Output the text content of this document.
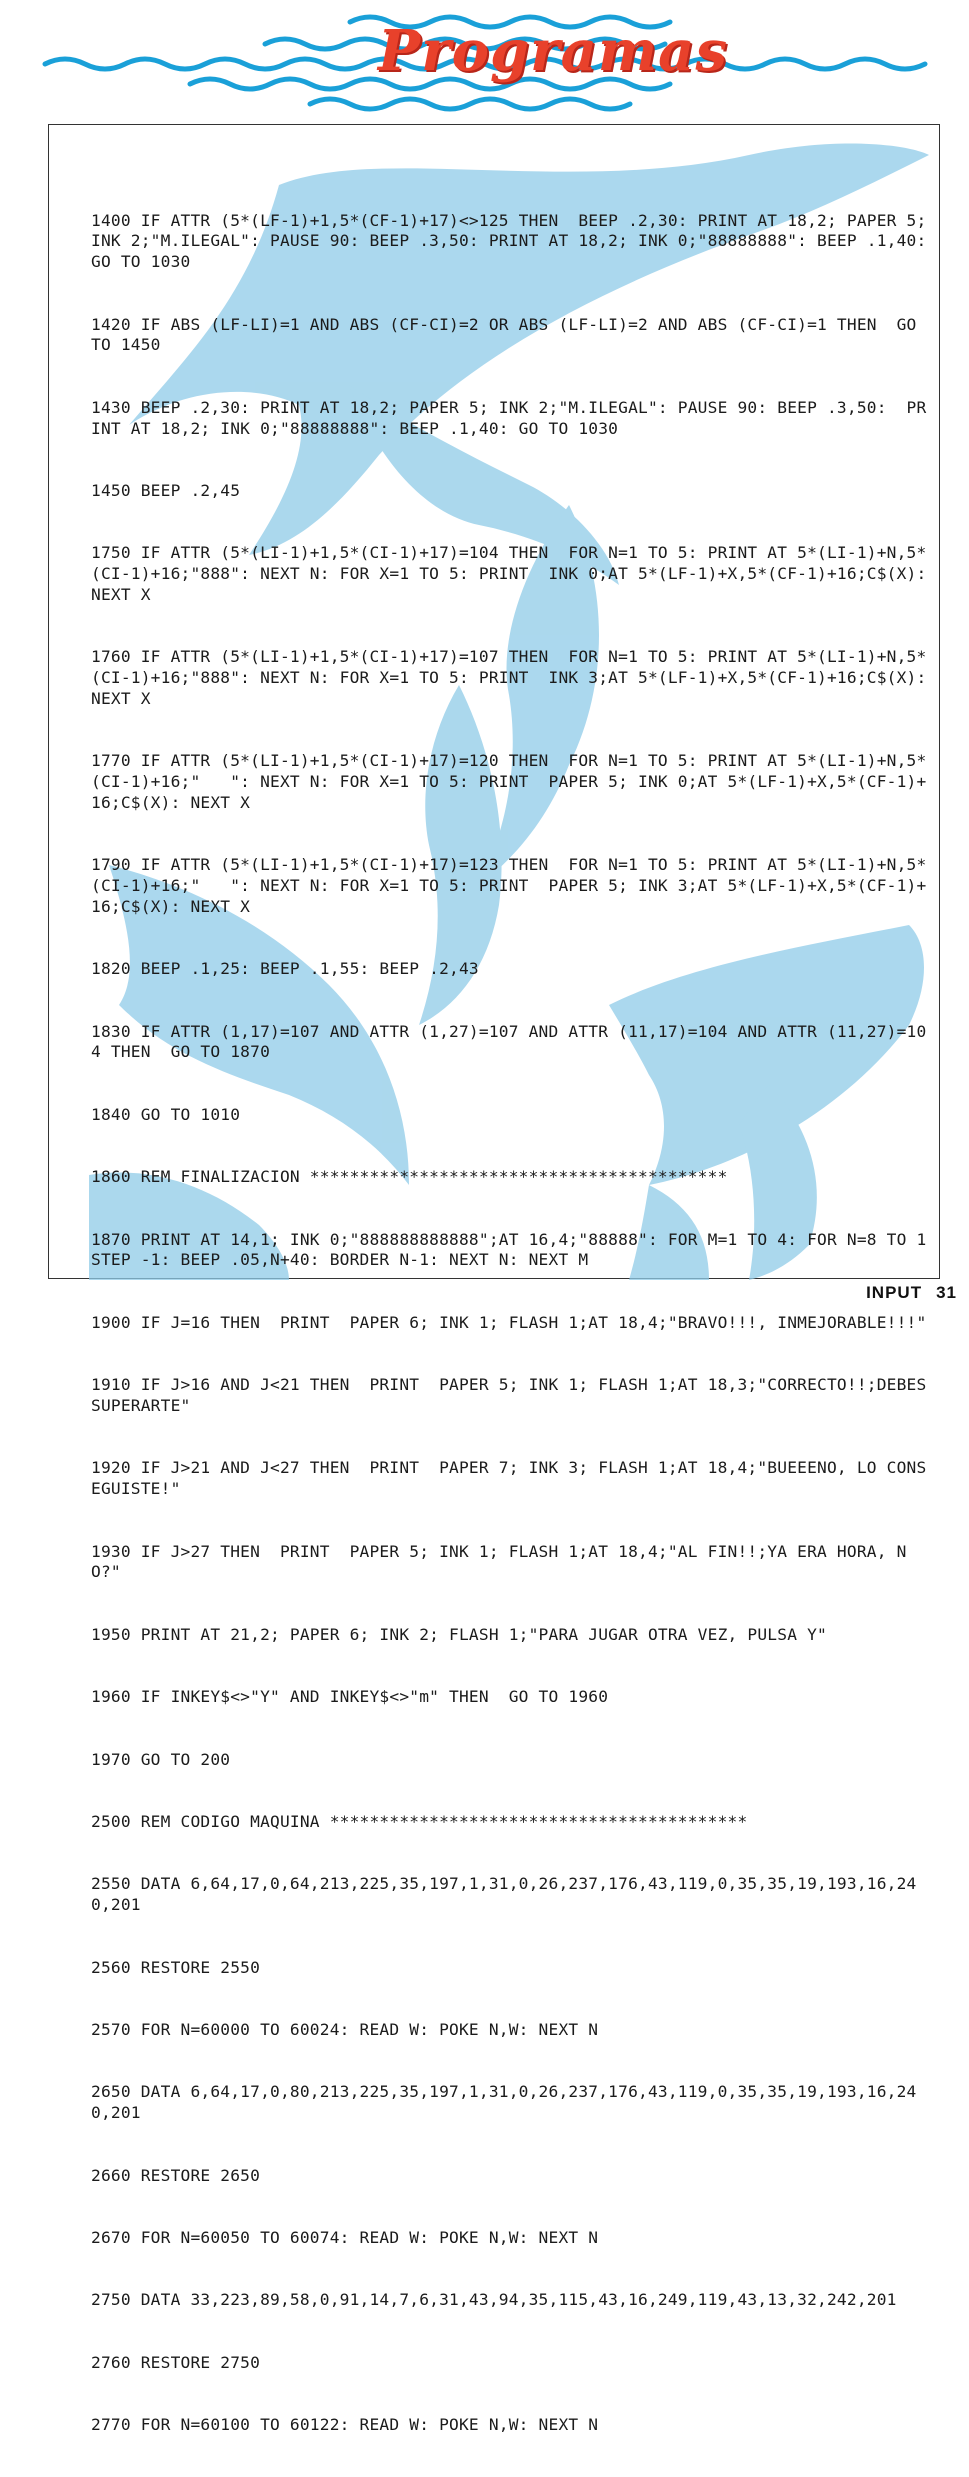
Programas

1400 IF ATTR (5*(LF-1)+1,5*(CF-1)+17)<>125 THEN  BEEP .2,30: PRINT AT 18,2; PAPER 5; INK 2;"M.ILEGAL": PAUSE 90: BEEP .3,50: PRINT AT 18,2; INK 0;"88888888": BEEP .1,40: GO TO 1030

1420 IF ABS (LF-LI)=1 AND ABS (CF-CI)=2 OR ABS (LF-LI)=2 AND ABS (CF-CI)=1 THEN  GO TO 1450

1430 BEEP .2,30: PRINT AT 18,2; PAPER 5; INK 2;"M.ILEGAL": PAUSE 90: BEEP .3,50:  PRINT AT 18,2; INK 0;"88888888": BEEP .1,40: GO TO 1030

1450 BEEP .2,45

1750 IF ATTR (5*(LI-1)+1,5*(CI-1)+17)=104 THEN  FOR N=1 TO 5: PRINT AT 5*(LI-1)+N,5*(CI-1)+16;"888": NEXT N: FOR X=1 TO 5: PRINT  INK 0;AT 5*(LF-1)+X,5*(CF-1)+16;C$(X): NEXT X

1760 IF ATTR (5*(LI-1)+1,5*(CI-1)+17)=107 THEN  FOR N=1 TO 5: PRINT AT 5*(LI-1)+N,5*(CI-1)+16;"888": NEXT N: FOR X=1 TO 5: PRINT  INK 3;AT 5*(LF-1)+X,5*(CF-1)+16;C$(X): NEXT X

1770 IF ATTR (5*(LI-1)+1,5*(CI-1)+17)=120 THEN  FOR N=1 TO 5: PRINT AT 5*(LI-1)+N,5*(CI-1)+16;"   ": NEXT N: FOR X=1 TO 5: PRINT  PAPER 5; INK 0;AT 5*(LF-1)+X,5*(CF-1)+16;C$(X): NEXT X

1790 IF ATTR (5*(LI-1)+1,5*(CI-1)+17)=123 THEN  FOR N=1 TO 5: PRINT AT 5*(LI-1)+N,5*(CI-1)+16;"   ": NEXT N: FOR X=1 TO 5: PRINT  PAPER 5; INK 3;AT 5*(LF-1)+X,5*(CF-1)+16;C$(X): NEXT X

1820 BEEP .1,25: BEEP .1,55: BEEP .2,43

1830 IF ATTR (1,17)=107 AND ATTR (1,27)=107 AND ATTR (11,17)=104 AND ATTR (11,27)=104 THEN  GO TO 1870

1840 GO TO 1010

1860 REM FINALIZACION ******************************************

1870 PRINT AT 14,1; INK 0;"888888888888";AT 16,4;"88888": FOR M=1 TO 4: FOR N=8 TO 1 STEP -1: BEEP .05,N+40: BORDER N-1: NEXT N: NEXT M

1900 IF J=16 THEN  PRINT  PAPER 6; INK 1; FLASH 1;AT 18,4;"BRAVO!!!, INMEJORABLE!!!"

1910 IF J>16 AND J<21 THEN  PRINT  PAPER 5; INK 1; FLASH 1;AT 18,3;"CORRECTO!!;DEBES SUPERARTE"

1920 IF J>21 AND J<27 THEN  PRINT  PAPER 7; INK 3; FLASH 1;AT 18,4;"BUEEENO, LO CONSEGUISTE!"

1930 IF J>27 THEN  PRINT  PAPER 5; INK 1; FLASH 1;AT 18,4;"AL FIN!!;YA ERA HORA, NO?"

1950 PRINT AT 21,2; PAPER 6; INK 2; FLASH 1;"PARA JUGAR OTRA VEZ, PULSA Y"

1960 IF INKEY$<>"Y" AND INKEY$<>"m" THEN  GO TO 1960

1970 GO TO 200

2500 REM CODIGO MAQUINA ******************************************

2550 DATA 6,64,17,0,64,213,225,35,197,1,31,0,26,237,176,43,119,0,35,35,19,193,16,240,201

2560 RESTORE 2550

2570 FOR N=60000 TO 60024: READ W: POKE N,W: NEXT N

2650 DATA 6,64,17,0,80,213,225,35,197,1,31,0,26,237,176,43,119,0,35,35,19,193,16,240,201

2660 RESTORE 2650

2670 FOR N=60050 TO 60074: READ W: POKE N,W: NEXT N

2750 DATA 33,223,89,58,0,91,14,7,6,31,43,94,35,115,43,16,249,119,43,13,32,242,201

2760 RESTORE 2750

2770 FOR N=60100 TO 60122: READ W: POKE N,W: NEXT N

INPUT 31
